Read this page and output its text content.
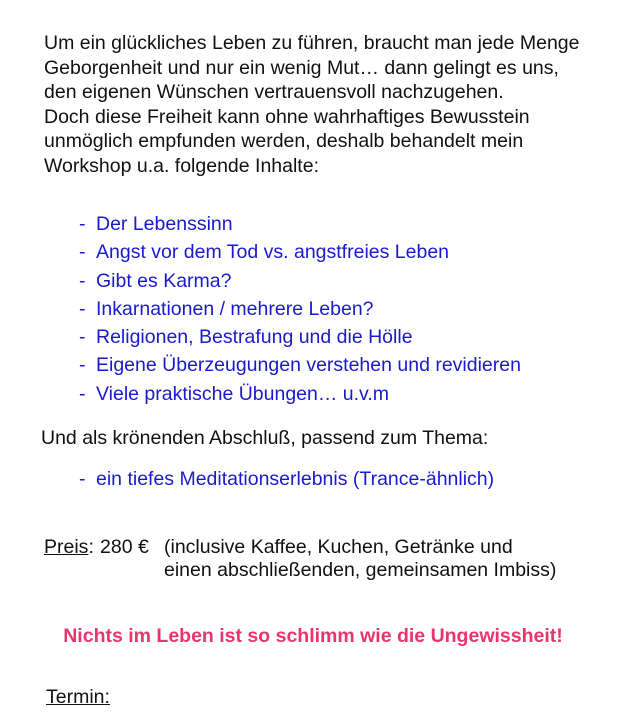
Um ein glückliches Leben zu führen, braucht man jede Menge

Geborgenheit und nur ein wenig Mut… dann gelingt es uns,

den eigenen Wünschen vertrauensvoll nachzugehen.

Doch diese Freiheit kann ohne wahrhaftiges Bewusstein

unmöglich empfunden werden, deshalb behandelt mein

Workshop u.a. folgende Inhalte:

- Der Lebenssinn
- Angst vor dem Tod vs. angstfreies Leben
- Gibt es Karma?
- Inkarnationen / mehrere Leben?
- Religionen, Bestrafung und die Hölle
- Eigene Überzeugungen verstehen und revidieren
- Viele praktische Übungen… u.v.m
Und als krönenden Abschluß, passend zum Thema:
- ein tiefes Meditationserlebnis (Trance-ähnlich)
Preis: 280 € (inclusive Kaffee, Kuchen, Getränke und
einen abschließenden, gemeinsamen Imbiss)
Nichts im Leben ist so schlimm wie die Ungewissheit!
Termin:
